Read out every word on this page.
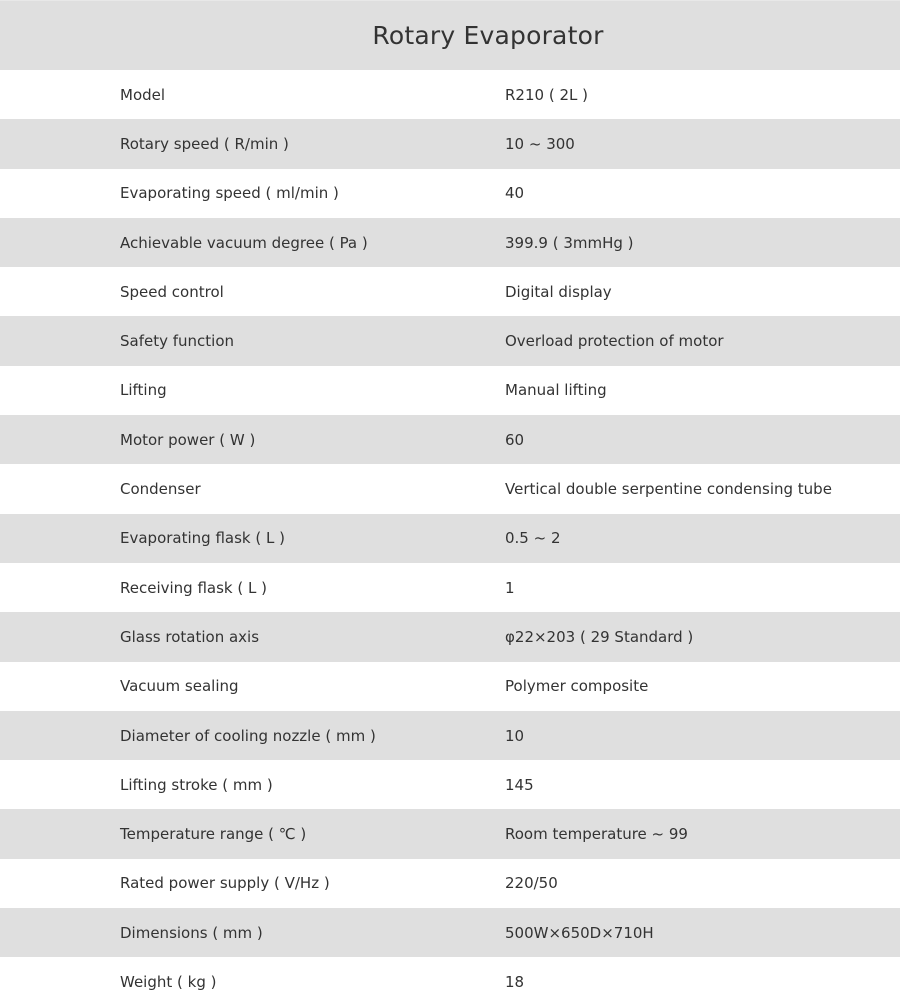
Rotary Evaporator
Model	R210 ( 2L )
Rotary speed ( R/min )	10 ~ 300
Evaporating speed ( ml/min )	40
Achievable vacuum degree ( Pa )	399.9 ( 3mmHg )
Speed control	Digital display
Safety function	Overload protection of motor
Lifting	Manual lifting
Motor power ( W )	60
Condenser	Vertical double serpentine condensing tube
Evaporating flask ( L )	0.5 ~ 2
Receiving flask ( L )	1
Glass rotation axis	φ22×203 ( 29 Standard )
Vacuum sealing	Polymer composite
Diameter of cooling nozzle ( mm )	10
Lifting stroke ( mm )	145
Temperature range ( ℃ )	Room temperature ~ 99
Rated power supply ( V/Hz )	220/50
Dimensions ( mm )	500W×650D×710H
Weight ( kg )	18
